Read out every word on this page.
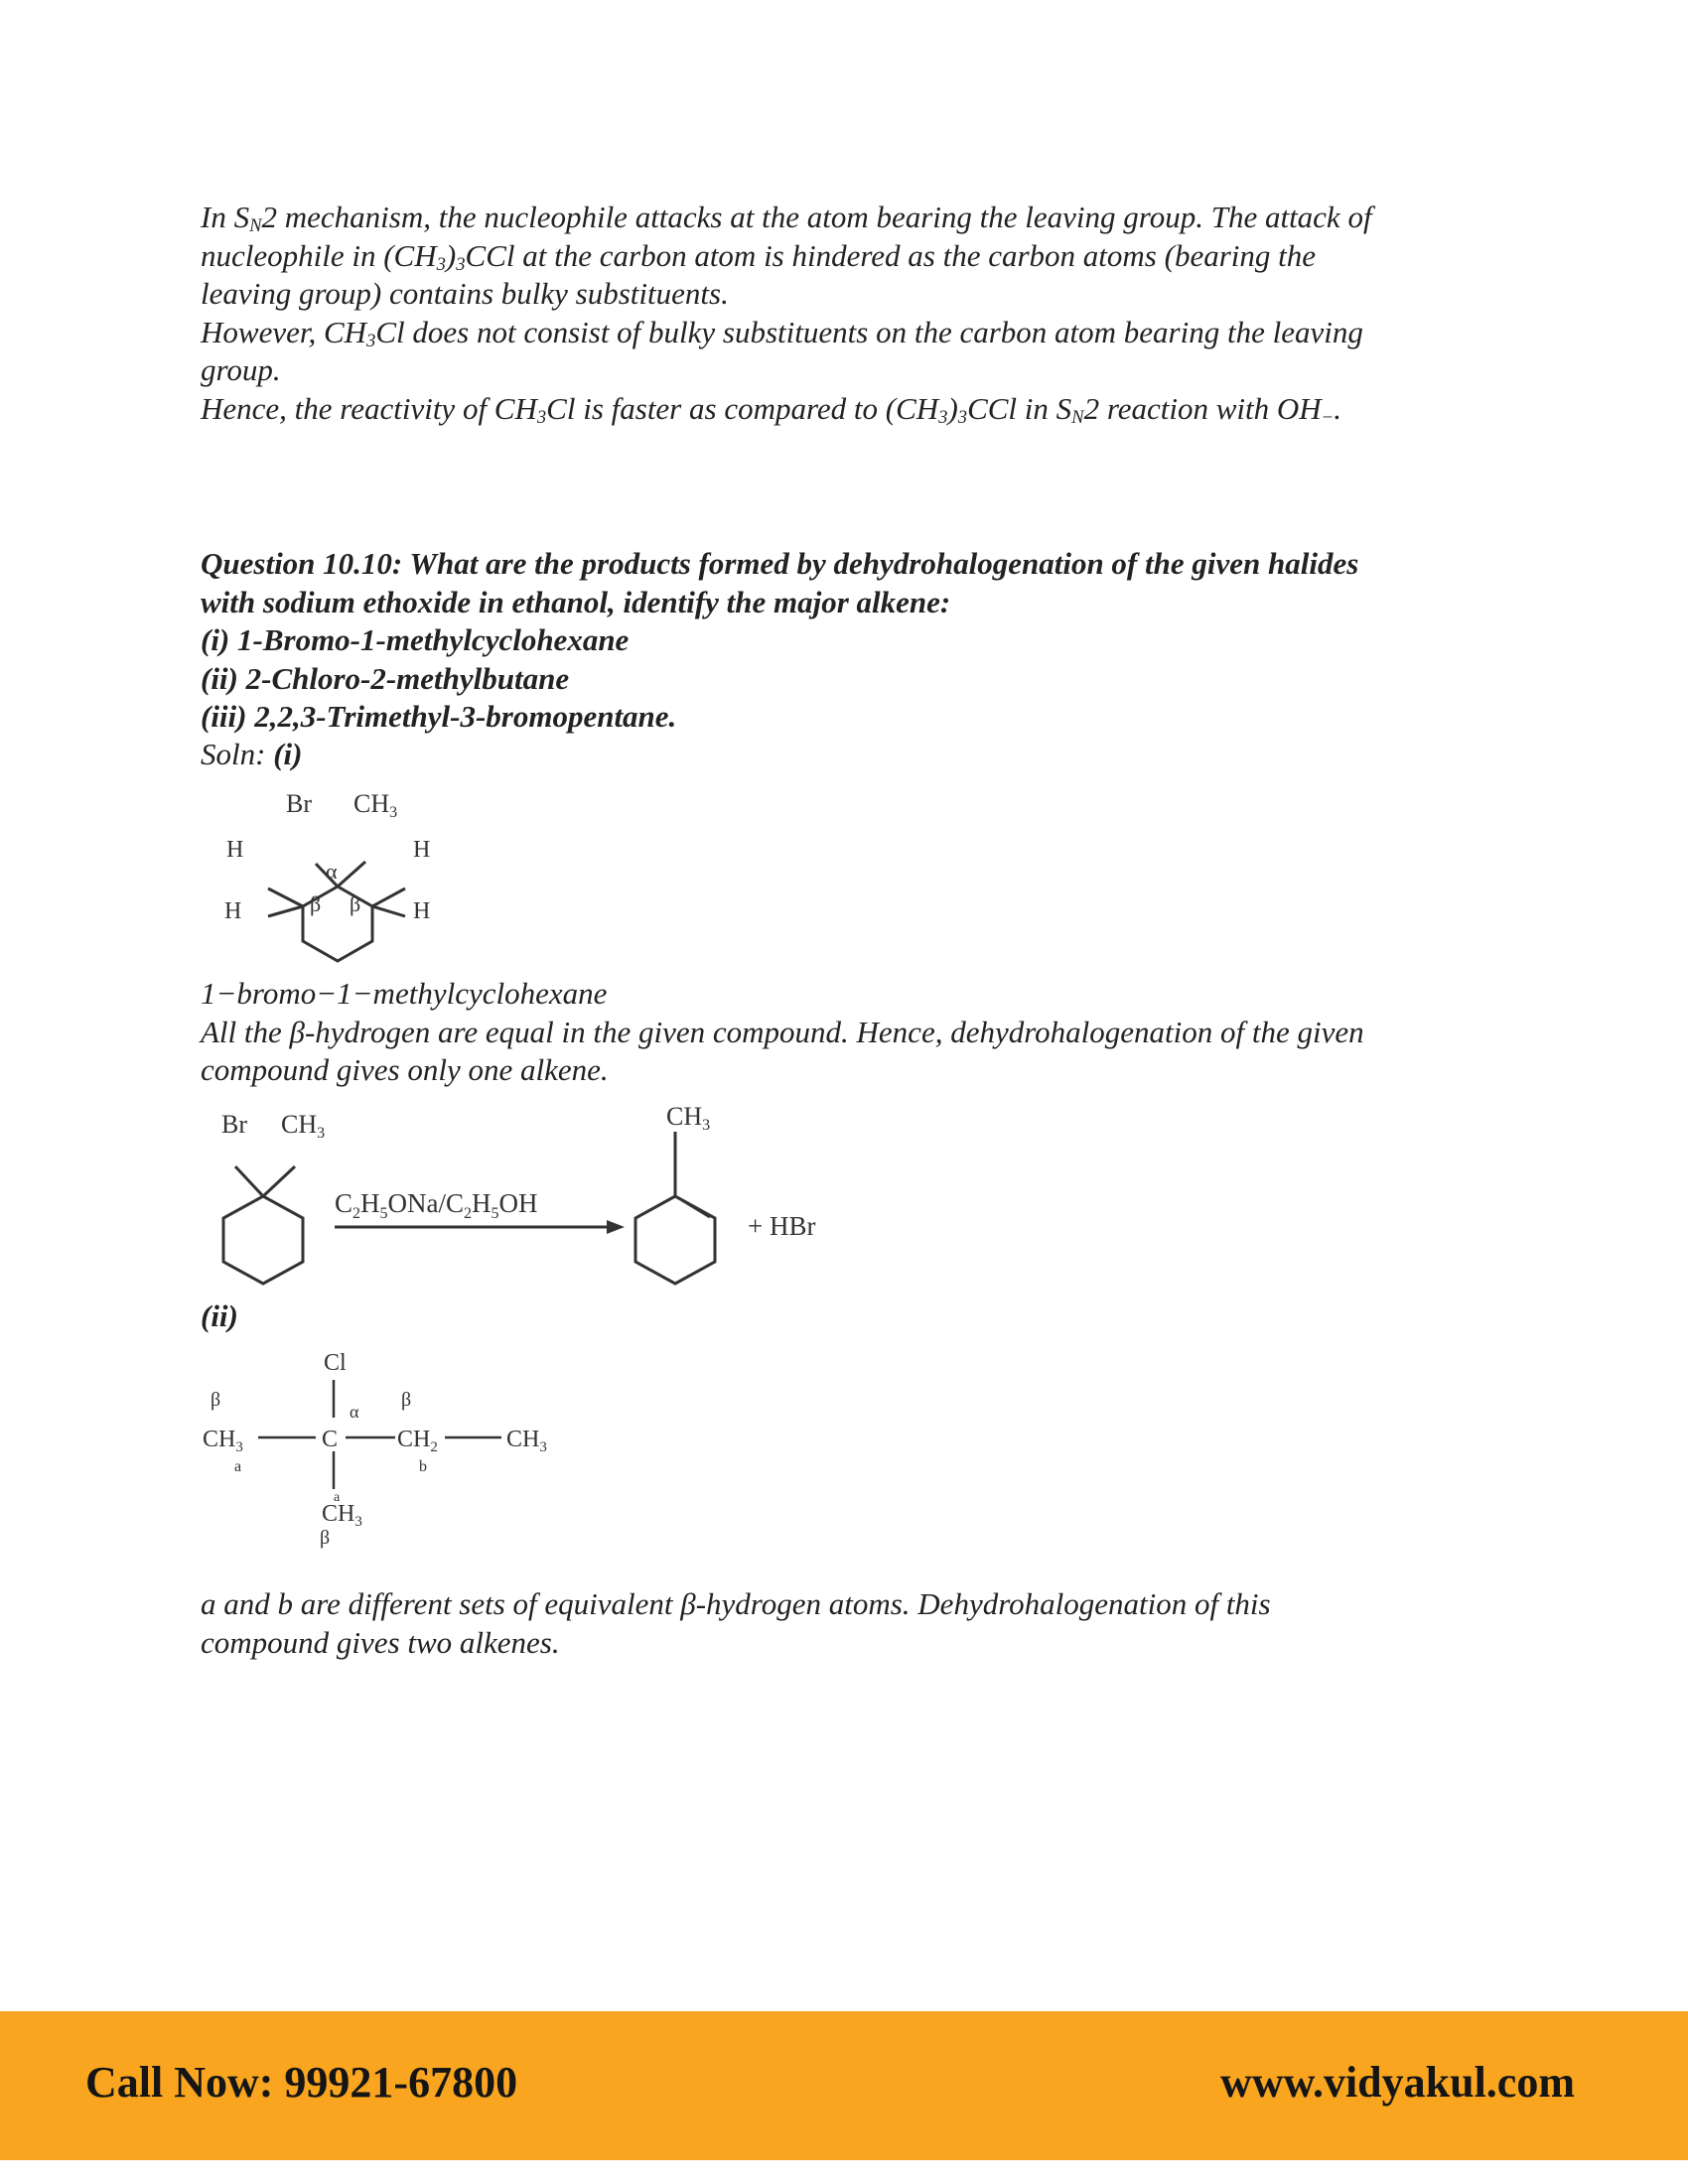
In $S_N2$ mechanism, the nucleophile attacks at the atom bearing the leaving group. The attack of
nucleophile in $(CH_3)_3CCl$ at the carbon atom is hindered as the carbon atoms (bearing the
leaving group) contains bulky substituents.
However, $CH_3Cl$ does not consist of bulky substituents on the carbon atom bearing the leaving
group.
Hence, the reactivity of $CH_3Cl$ is faster as compared to $(CH_3)_3CCl$ in $S_N2$ reaction with $OH_-$.
Question 10.10: What are the products formed by dehydrohalogenation of the given halides
with sodium ethoxide in ethanol, identify the major alkene:
(i) 1-Bromo-1-methylcyclohexane
(ii) 2-Chloro-2-methylbutane
(iii) 2,2,3-Trimethyl-3-bromopentane.
Soln: (i)
Br CH3
H
H
H
H
α
β β
1−bromo−1−methylcyclohexane
All the β-hydrogen are equal in the given compound. Hence, dehydrohalogenation of the given
compound gives only one alkene.
Br CH3
$C_2H_5ONa/C_2H_5OH$
CH3
+ HBr
(ii)
Cl
β
$CH_3$
a
C
α
β
$CH_2$
b
$CH_3$
a
$CH_3$
β
a and b are different sets of equivalent β-hydrogen atoms. Dehydrohalogenation of this
compound gives two alkenes.
Call Now: 99921-67800	www.vidyakul.com
